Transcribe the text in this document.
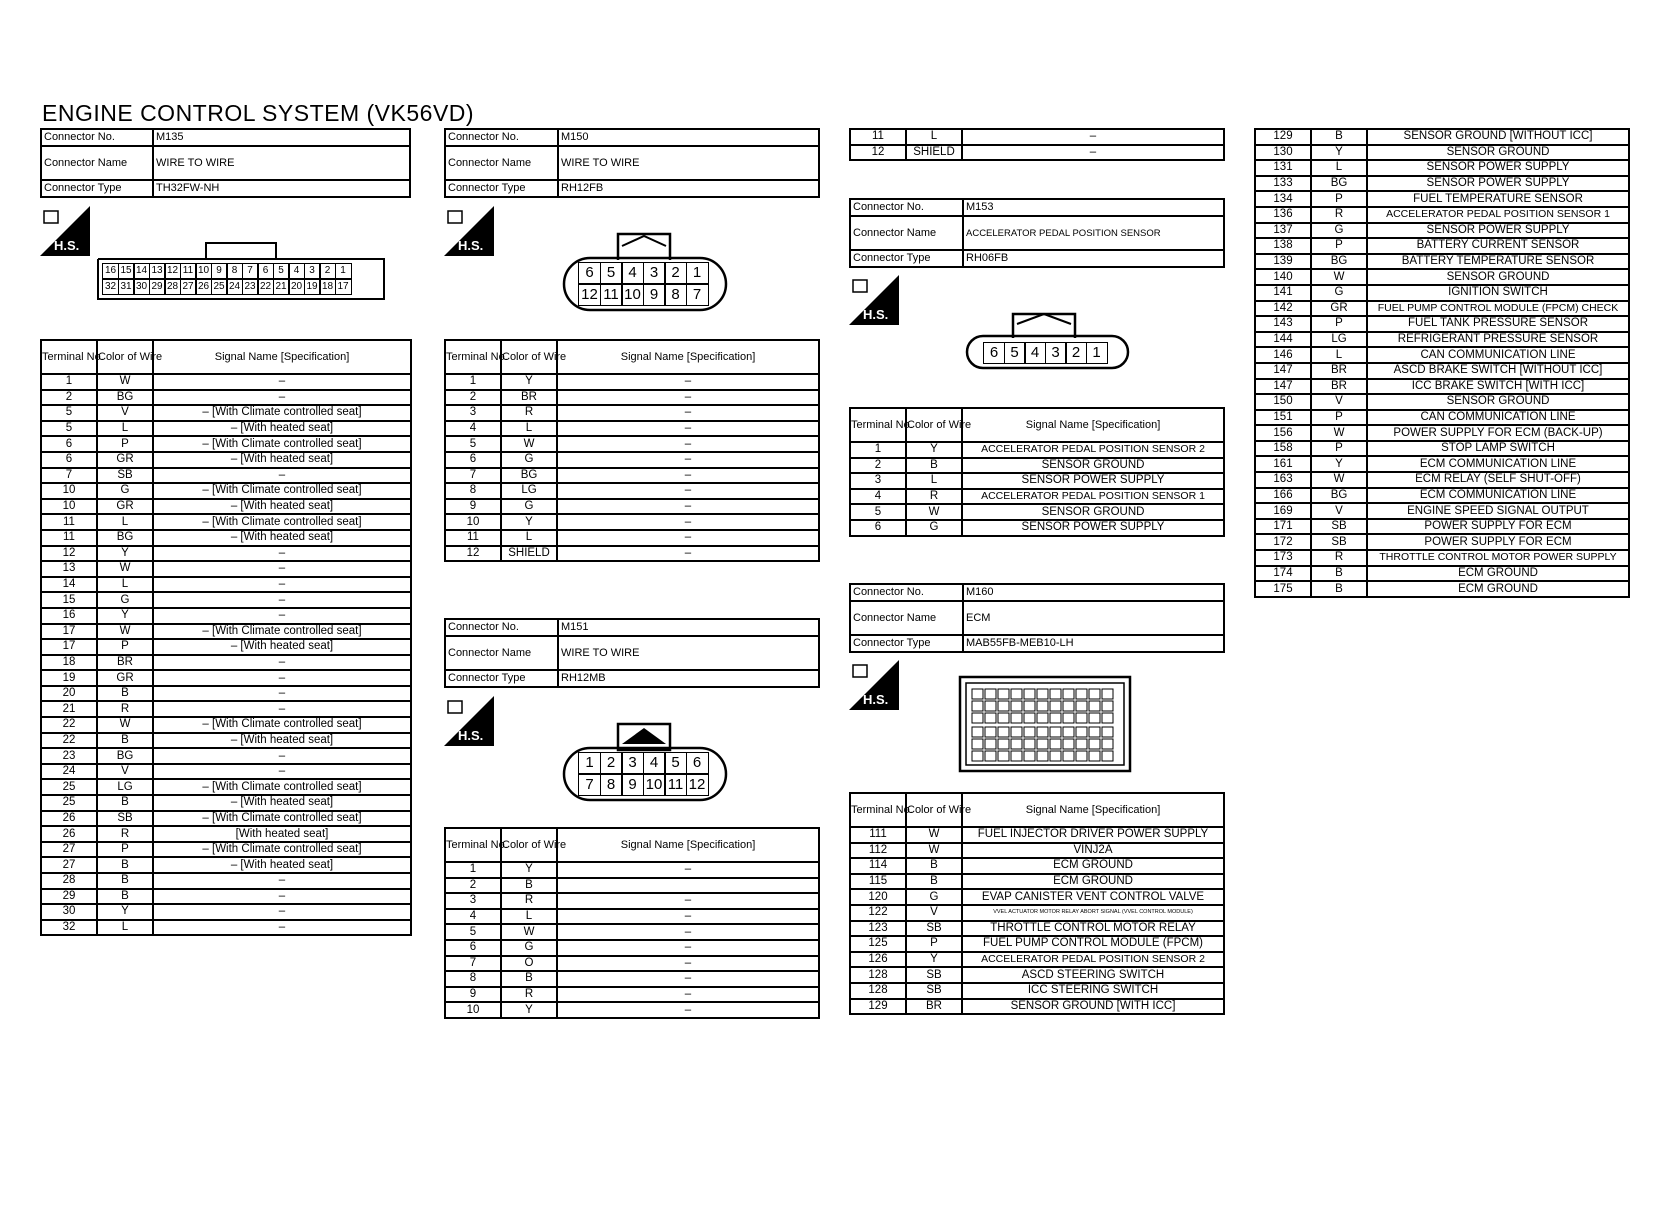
ENGINE CONTROL SYSTEM (VK56VD)
Connector No.	M135
Connector Name	WIRE TO WIRE
Connector Type	TH32FW-NH
H.S.
16 15 14 13 12 11 10 9 8 7 6 5 4 3 2 1
32 31 30 29 28 27 26 25 24 23 22 21 20 19 18 17
Terminal No.	Color of Wire	Signal Name [Specification]
1	W	–
2	BG	–
5	V	– [With Climate controlled seat]
5	L	– [With heated seat]
6	P	– [With Climate controlled seat]
6	GR	– [With heated seat]
7	SB	–
10	G	– [With Climate controlled seat]
10	GR	– [With heated seat]
11	L	– [With Climate controlled seat]
11	BG	– [With heated seat]
12	Y	–
13	W	–
14	L	–
15	G	–
16	Y	–
17	W	– [With Climate controlled seat]
17	P	– [With heated seat]
18	BR	–
19	GR	–
20	B	–
21	R	–
22	W	– [With Climate controlled seat]
22	B	– [With heated seat]
23	BG	–
24	V	–
25	LG	– [With Climate controlled seat]
25	B	– [With heated seat]
26	SB	– [With Climate controlled seat]
26	R	[With heated seat]
27	P	– [With Climate controlled seat]
27	B	– [With heated seat]
28	B	–
29	B	–
30	Y	–
32	L	–
Connector No.	M150
Connector Name	WIRE TO WIRE
Connector Type	RH12FB
H.S.
6 5 4 3 2 1
12 11 10 9 8 7
Terminal No.	Color of Wire	Signal Name [Specification]
1	Y	–
2	BR	–
3	R	–
4	L	–
5	W	–
6	G	–
7	BG	–
8	LG	–
9	G	–
10	Y	–
11	L	–
12	SHIELD	–
Connector No.	M151
Connector Name	WIRE TO WIRE
Connector Type	RH12MB
H.S.
1 2 3 4 5 6
7 8 9 10 11 12
Terminal No.	Color of Wire	Signal Name [Specification]
1	Y	–
2	B	
3	R	–
4	L	–
5	W	–
6	G	–
7	O	–
8	B	–
9	R	–
10	Y	–
11	L	–
12	SHIELD	–
Connector No.	M153
Connector Name	ACCELERATOR PEDAL POSITION SENSOR
Connector Type	RH06FB
H.S.
6 5 4 3 2 1
Terminal No.	Color of Wire	Signal Name [Specification]
1	Y	ACCELERATOR PEDAL POSITION SENSOR 2
2	B	SENSOR GROUND
3	L	SENSOR POWER SUPPLY
4	R	ACCELERATOR PEDAL POSITION SENSOR 1
5	W	SENSOR GROUND
6	G	SENSOR POWER SUPPLY
Connector No.	M160
Connector Name	ECM
Connector Type	MAB55FB-MEB10-LH
H.S.
Terminal No.	Color of Wire	Signal Name [Specification]
111	W	FUEL INJECTOR DRIVER POWER SUPPLY
112	W	VINJ2A
114	B	ECM GROUND
115	B	ECM GROUND
120	G	EVAP CANISTER VENT CONTROL VALVE
122	V	VVEL ACTUATOR MOTOR RELAY ABORT SIGNAL (VVEL CONTROL MODULE)
123	SB	THROTTLE CONTROL MOTOR RELAY
125	P	FUEL PUMP CONTROL MODULE (FPCM)
126	Y	ACCELERATOR PEDAL POSITION SENSOR 2
128	SB	ASCD STEERING SWITCH
128	SB	ICC STEERING SWITCH
129	BR	SENSOR GROUND [WITH ICC]
129	B	SENSOR GROUND [WITHOUT ICC]
130	Y	SENSOR GROUND
131	L	SENSOR POWER SUPPLY
133	BG	SENSOR POWER SUPPLY
134	P	FUEL TEMPERATURE SENSOR
136	R	ACCELERATOR PEDAL POSITION SENSOR 1
137	G	SENSOR POWER SUPPLY
138	P	BATTERY CURRENT SENSOR
139	BG	BATTERY TEMPERATURE SENSOR
140	W	SENSOR GROUND
141	G	IGNITION SWITCH
142	GR	FUEL PUMP CONTROL MODULE (FPCM) CHECK
143	P	FUEL TANK PRESSURE SENSOR
144	LG	REFRIGERANT PRESSURE SENSOR
146	L	CAN COMMUNICATION LINE
147	BR	ASCD BRAKE SWITCH [WITHOUT ICC]
147	BR	ICC BRAKE SWITCH [WITH ICC]
150	V	SENSOR GROUND
151	P	CAN COMMUNICATION LINE
156	W	POWER SUPPLY FOR ECM (BACK-UP)
158	P	STOP LAMP SWITCH
161	Y	ECM COMMUNICATION LINE
163	W	ECM RELAY (SELF SHUT-OFF)
166	BG	ECM COMMUNICATION LINE
169	V	ENGINE SPEED SIGNAL OUTPUT
171	SB	POWER SUPPLY FOR ECM
172	SB	POWER SUPPLY FOR ECM
173	R	THROTTLE CONTROL MOTOR POWER SUPPLY
174	B	ECM GROUND
175	B	ECM GROUND
